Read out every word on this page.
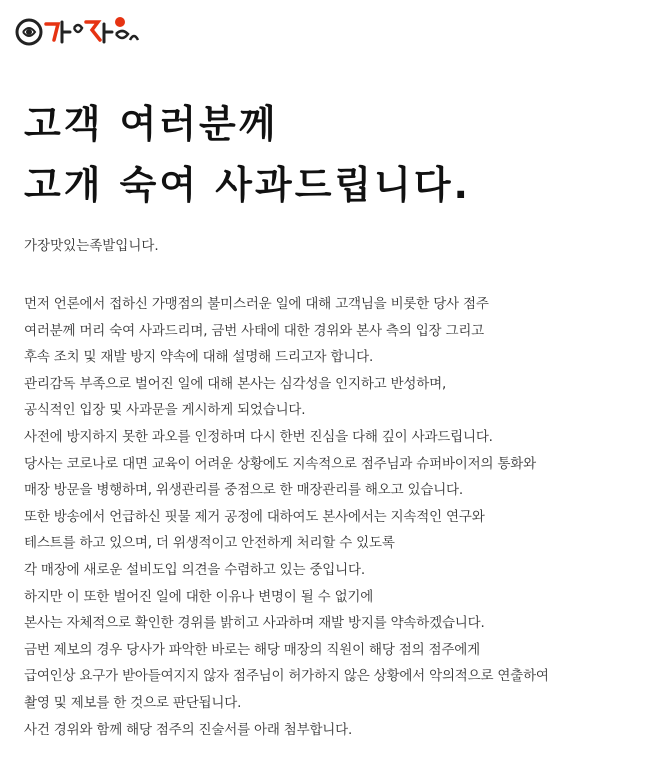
고객 여러분께
고개 숙여 사과드립니다.

가장맛있는족발입니다.

먼저 언론에서 접하신 가맹점의 불미스러운 일에 대해 고객님을 비롯한 당사 점주
여러분께 머리 숙여 사과드리며, 금번 사태에 대한 경위와 본사 측의 입장 그리고
후속 조치 및 재발 방지 약속에 대해 설명해 드리고자 합니다.
관리감독 부족으로 벌어진 일에 대해 본사는 심각성을 인지하고 반성하며,
공식적인 입장 및 사과문을 게시하게 되었습니다.
사전에 방지하지 못한 과오를 인정하며 다시 한번 진심을 다해 깊이 사과드립니다.
당사는 코로나로 대면 교육이 어려운 상황에도 지속적으로 점주님과 슈퍼바이저의 통화와
매장 방문을 병행하며, 위생관리를 중점으로 한 매장관리를 해오고 있습니다.
또한 방송에서 언급하신 핏물 제거 공정에 대하여도 본사에서는 지속적인 연구와
테스트를 하고 있으며, 더 위생적이고 안전하게 처리할 수 있도록
각 매장에 새로운 설비도입 의견을 수렴하고 있는 중입니다.
하지만 이 또한 벌어진 일에 대한 이유나 변명이 될 수 없기에
본사는 자체적으로 확인한 경위를 밝히고 사과하며 재발 방지를 약속하겠습니다.
금번 제보의 경우 당사가 파악한 바로는 해당 매장의 직원이 해당 점의 점주에게
급여인상 요구가 받아들여지지 않자 점주님이 허가하지 않은 상황에서 악의적으로 연출하여
촬영 및 제보를 한 것으로 판단됩니다.
사건 경위와 함께 해당 점주의 진술서를 아래 첨부합니다.
